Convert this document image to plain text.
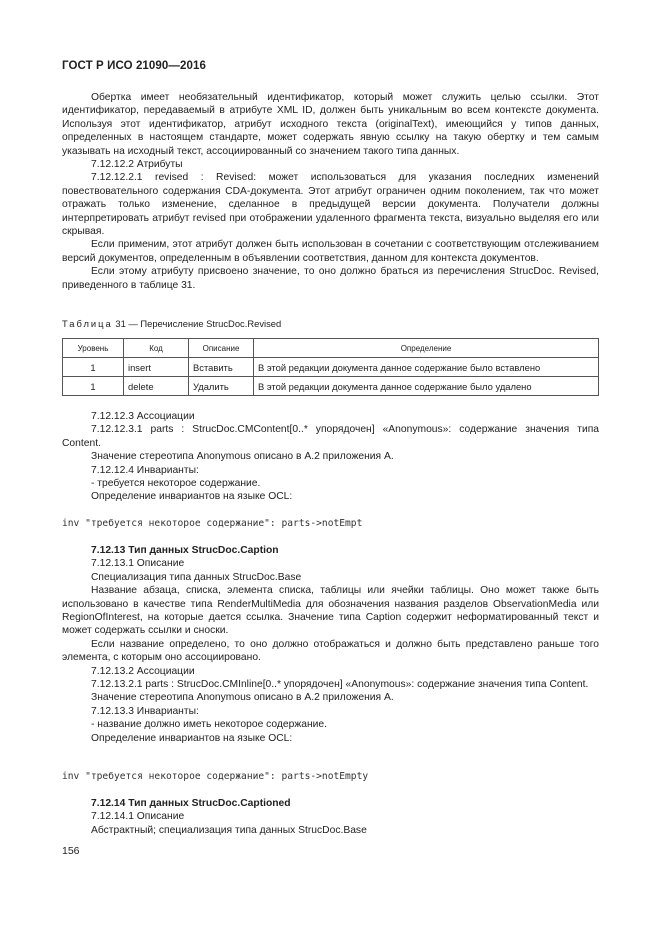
ГОСТ Р ИСО 21090—2016

Обертка имеет необязательный идентификатор, который может служить целью ссылки. Этот идентификатор, передаваемый в атрибуте XML ID, должен быть уникальным во всем контексте документа. Используя этот идентификатор, атрибут исходного текста (originalText), имеющийся у типов данных, определенных в настоящем стандарте, может содержать явную ссылку на такую обертку и тем самым указывать на исходный текст, ассоциированный со значением такого типа данных.

7.12.12.2 Атрибуты

7.12.12.2.1 revised : Revised: может использоваться для указания последних изменений повествовательного содержания CDA-документа. Этот атрибут ограничен одним поколением, так что может отражать только изменение, сделанное в предыдущей версии документа. Получатели должны интерпретировать атрибут revised при отображении удаленного фрагмента текста, визуально выделяя его или скрывая.

Если применим, этот атрибут должен быть использован в сочетании с соответствующим отслеживанием версий документов, определенным в объявлении соответствия, данном для контекста документов.

Если этому атрибуту присвоено значение, то оно должно браться из перечисления StrucDoc. Revised, приведенного в таблице 31.

Таблица 31 — Перечисление StrucDoc.Revised
Уровень	Код	Описание	Определение
1	insert	Вставить	В этой редакции документа данное содержание было вставлено
1	delete	Удалить	В этой редакции документа данное содержание было удалено

7.12.12.3 Ассоциации

7.12.12.3.1 parts : StrucDoc.CMContent[0..* упорядочен] «Anonymous»: содержание значения типа Content.

Значение стереотипа Anonymous описано в А.2 приложения А.

7.12.12.4 Инварианты:

- требуется некоторое содержание.

Определение инвариантов на языке OCL:

inv "требуется некоторое содержание": parts->notEmpt

7.12.13 Тип данных StrucDoc.Caption

7.12.13.1 Описание

Специализация типа данных StrucDoc.Base

Название абзаца, списка, элемента списка, таблицы или ячейки таблицы. Оно может также быть использовано в качестве типа RenderMultiMedia для обозначения названия разделов ObservationMedia или RegionOfInterest, на которые дается ссылка. Значение типа Caption содержит неформатированный текст и может содержать ссылки и сноски.

Если название определено, то оно должно отображаться и должно быть представлено раньше того элемента, с которым оно ассоциировано.

7.12.13.2 Ассоциации

7.12.13.2.1 parts : StrucDoc.CMInline[0..* упорядочен] «Anonymous»: содержание значения типа Content.

Значение стереотипа Anonymous описано в А.2 приложения А.

7.12.13.3 Инварианты:

- название должно иметь некоторое содержание.

Определение инвариантов на языке OCL:

inv "требуется некоторое содержание": parts->notEmpty

7.12.14 Тип данных StrucDoc.Captioned

7.12.14.1 Описание

Абстрактный; специализация типа данных StrucDoc.Base

156
